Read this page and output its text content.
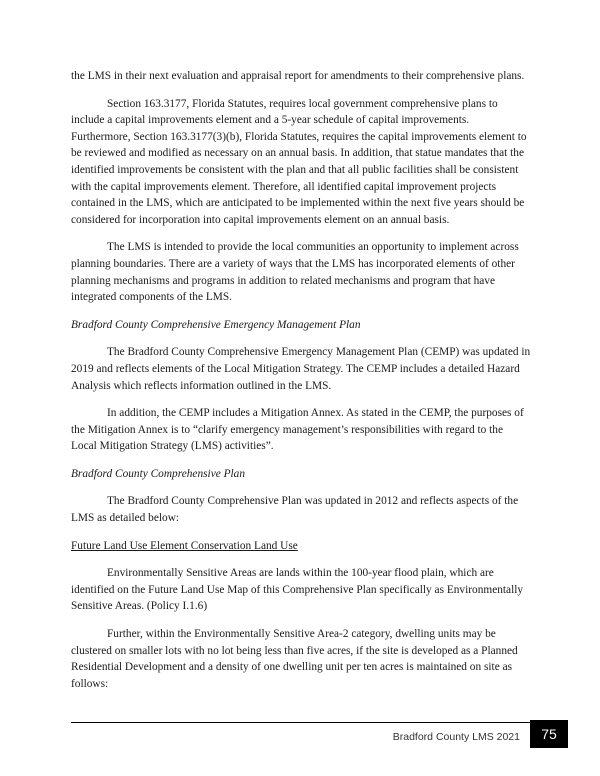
the LMS in their next evaluation and appraisal report for amendments to their comprehensive plans.

Section 163.3177, Florida Statutes, requires local government comprehensive plans to include a capital improvements element and a 5-year schedule of capital improvements. Furthermore, Section 163.3177(3)(b), Florida Statutes, requires the capital improvements element to be reviewed and modified as necessary on an annual basis. In addition, that statue mandates that the identified improvements be consistent with the plan and that all public facilities shall be consistent with the capital improvements element. Therefore, all identified capital improvement projects contained in the LMS, which are anticipated to be implemented within the next five years should be considered for incorporation into capital improvements element on an annual basis.

The LMS is intended to provide the local communities an opportunity to implement across planning boundaries. There are a variety of ways that the LMS has incorporated elements of other planning mechanisms and programs in addition to related mechanisms and program that have integrated components of the LMS.

Bradford County Comprehensive Emergency Management Plan

The Bradford County Comprehensive Emergency Management Plan (CEMP) was updated in 2019 and reflects elements of the Local Mitigation Strategy. The CEMP includes a detailed Hazard Analysis which reflects information outlined in the LMS.

In addition, the CEMP includes a Mitigation Annex. As stated in the CEMP, the purposes of the Mitigation Annex is to “clarify emergency management’s responsibilities with regard to the Local Mitigation Strategy (LMS) activities”.

Bradford County Comprehensive Plan

The Bradford County Comprehensive Plan was updated in 2012 and reflects aspects of the LMS as detailed below:

Future Land Use Element Conservation Land Use

Environmentally Sensitive Areas are lands within the 100-year flood plain, which are identified on the Future Land Use Map of this Comprehensive Plan specifically as Environmentally Sensitive Areas. (Policy I.1.6)

Further, within the Environmentally Sensitive Area-2 category, dwelling units may be clustered on smaller lots with no lot being less than five acres, if the site is developed as a Planned Residential Development and a density of one dwelling unit per ten acres is maintained on site as follows:

Bradford County LMS 2021	75
